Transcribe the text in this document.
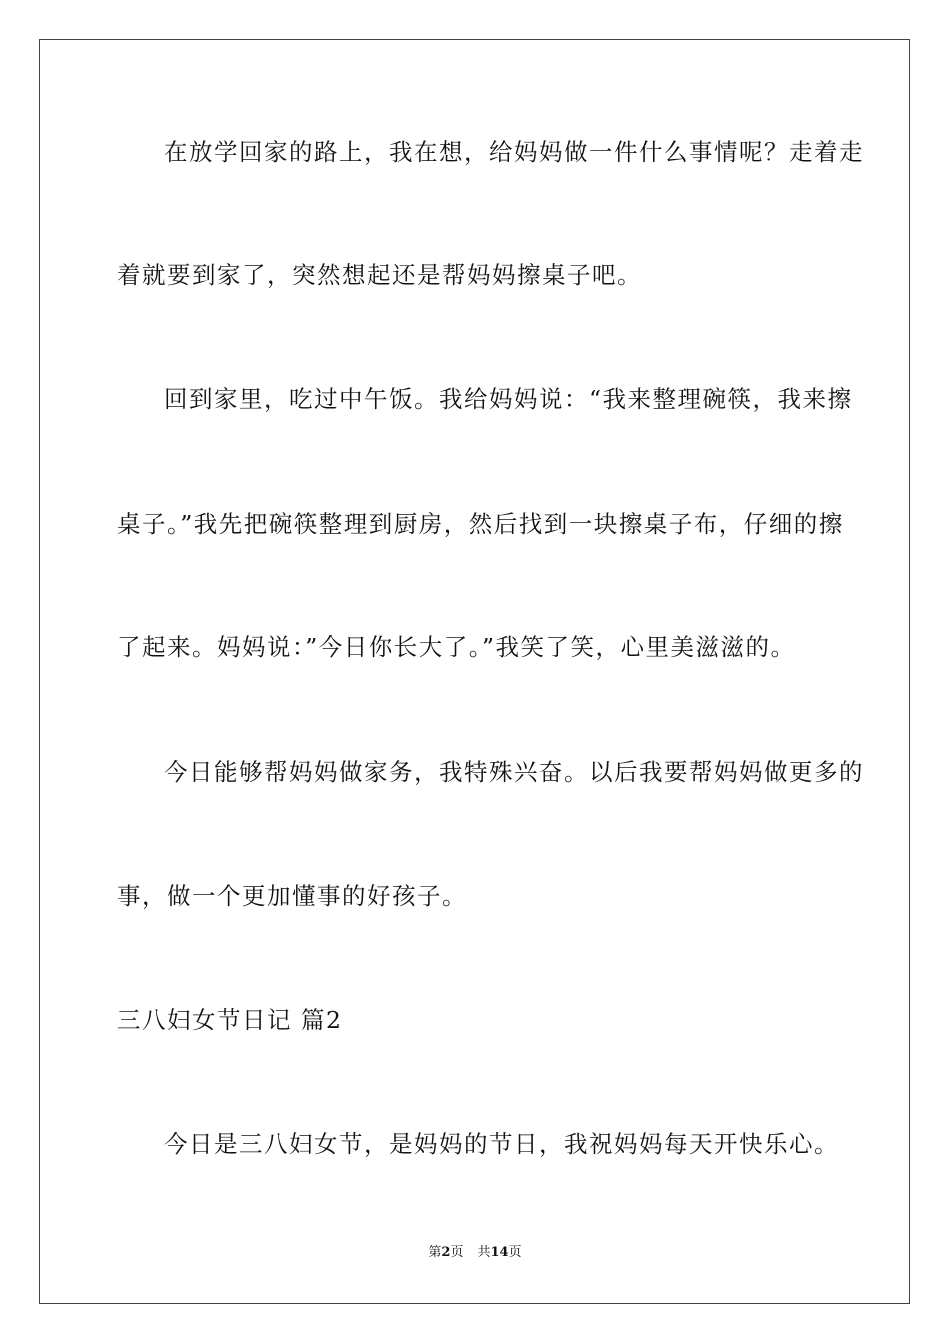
在放学回家的路上，我在想，给妈妈做一件什么事情呢？走着走

着就要到家了，突然想起还是帮妈妈擦桌子吧。

回到家里，吃过中午饭。我给妈妈说：“我来整理碗筷，我来擦

桌子。”我先把碗筷整理到厨房，然后找到一块擦桌子布，仔细的擦

了起来。妈妈说：”今日你长大了。”我笑了笑，心里美滋滋的。

今日能够帮妈妈做家务，我特殊兴奋。以后我要帮妈妈做更多的

事，做一个更加懂事的好孩子。

三八妇女节日记 篇2

今日是三八妇女节，是妈妈的节日，我祝妈妈每天开快乐心。

第2页 共14页
